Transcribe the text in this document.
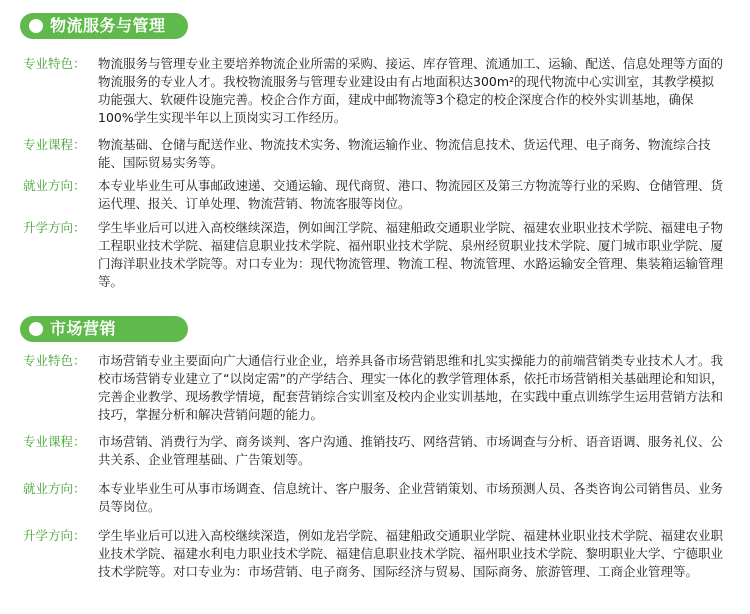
物流服务与管理
专业特色： 物流服务与管理专业主要培养物流企业所需的采购、接运、库存管理、流通加工、运输、配送、信息处理等方面的物流服务的专业人才。我校物流服务与管理专业建设由有占地面积达300m²的现代物流中心实训室，其教学模拟功能强大、软硬件设施完善。校企合作方面，建成中邮物流等3个稳定的校企深度合作的校外实训基地，确保100%学生实现半年以上顶岗实习工作经历。
专业课程： 物流基础、仓储与配送作业、物流技术实务、物流运输作业、物流信息技术、货运代理、电子商务、物流综合技能、国际贸易实务等。
就业方向： 本专业毕业生可从事邮政速递、交通运输、现代商贸、港口、物流园区及第三方物流等行业的采购、仓储管理、货运代理、报关、订单处理、物流营销、物流客服等岗位。
升学方向： 学生毕业后可以进入高校继续深造，例如闽江学院、福建船政交通职业学院、福建农业职业技术学院、福建电子物工程职业技术学院、福建信息职业技术学院、福州职业技术学院、泉州经贸职业技术学院、厦门城市职业学院、厦门海洋职业技术学院等。对口专业为：现代物流管理、物流工程、物流管理、水路运输安全管理、集装箱运输管理等。
市场营销
专业特色： 市场营销专业主要面向广大通信行业企业，培养具备市场营销思维和扎实实操能力的前端营销类专业技术人才。我校市场营销专业建立了“以岗定需”的产学结合、理实一体化的教学管理体系，依托市场营销相关基础理论和知识，完善企业教学、现场教学情境，配套营销综合实训室及校内企业实训基地，在实践中重点训练学生运用营销方法和技巧，掌握分析和解决营销问题的能力。
专业课程： 市场营销、消费行为学、商务谈判、客户沟通、推销技巧、网络营销、市场调查与分析、语音语调、服务礼仪、公共关系、企业管理基础、广告策划等。
就业方向： 本专业毕业生可从事市场调查、信息统计、客户服务、企业营销策划、市场预测人员、各类咨询公司销售员、业务员等岗位。
升学方向： 学生毕业后可以进入高校继续深造，例如龙岩学院、福建船政交通职业学院、福建林业职业技术学院、福建农业职业技术学院、福建水利电力职业技术学院、福建信息职业技术学院、福州职业技术学院、黎明职业大学、宁德职业技术学院等。对口专业为：市场营销、电子商务、国际经济与贸易、国际商务、旅游管理、工商企业管理等。
